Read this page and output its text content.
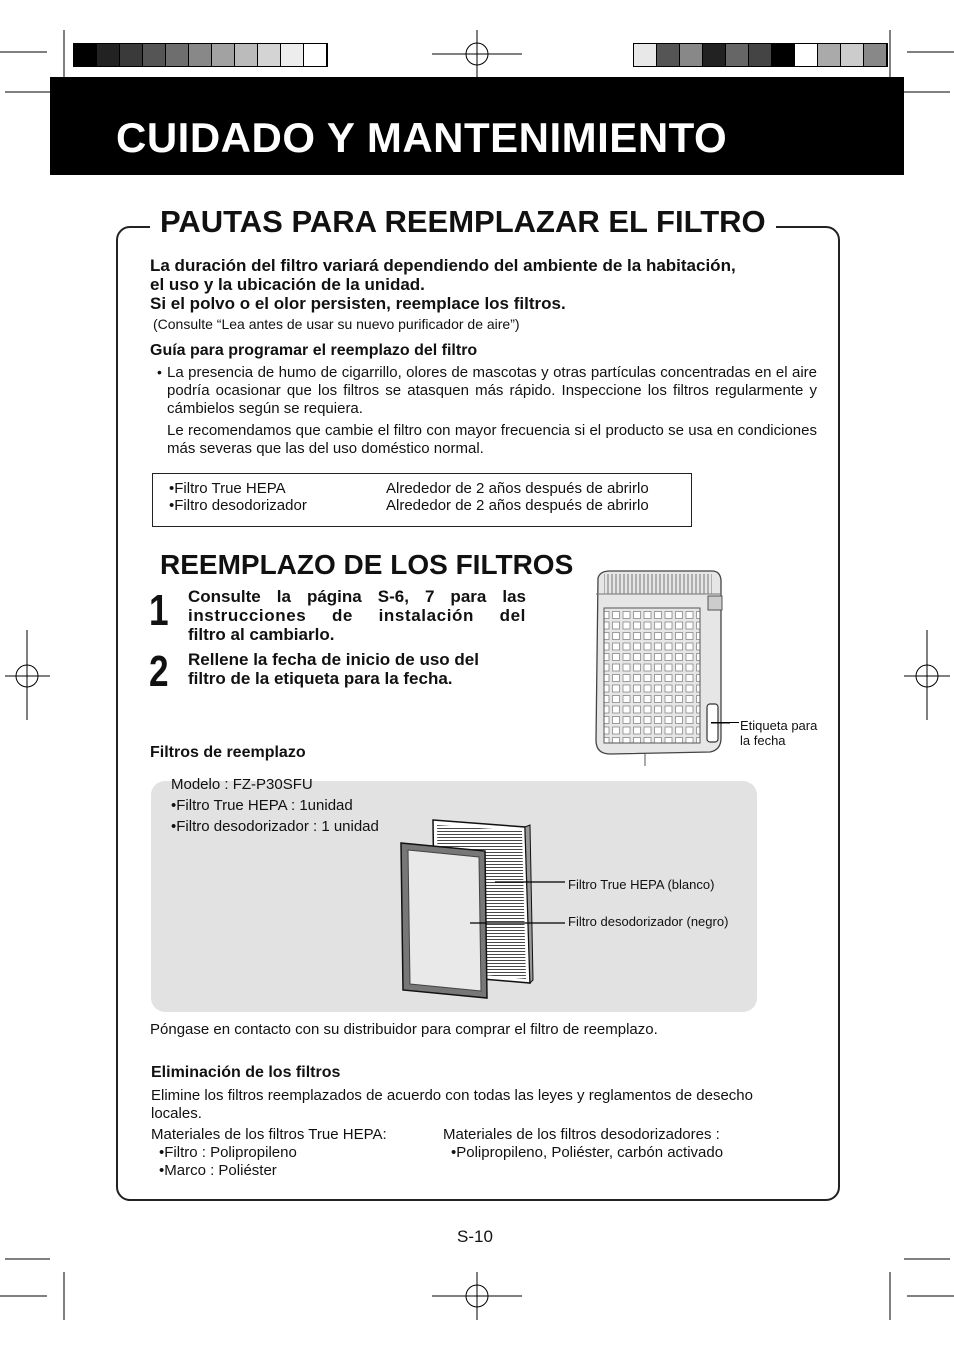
CUIDADO Y MANTENIMIENTO
PAUTAS PARA REEMPLAZAR EL FILTRO
La duración del filtro variará dependiendo del ambiente de la habitación,
el uso y la ubicación de la unidad.
Si el polvo o el olor persisten, reemplace los filtros.
(Consulte “Lea antes de usar su nuevo purificador de aire”)
Guía para programar el reemplazo del filtro
• La presencia de humo de cigarrillo, olores de mascotas y otras partículas concentradas en el aire podría ocasionar que los filtros se atasquen más rápido. Inspeccione los filtros regularmente y cámbielos según se requiera.
Le recomendamos que cambie el filtro con mayor frecuencia si el producto se usa en condiciones más severas que las del uso doméstico normal.
•Filtro True HEPA	Alrededor de 2 años después de abrirlo
•Filtro desodorizador	Alrededor de 2 años después de abrirlo
REEMPLAZO DE LOS FILTROS
1 Consulte la página S-6, 7 para las
instrucciones de instalación del
filtro al cambiarlo.
2 Rellene la fecha de inicio de uso del
filtro de la etiqueta para la fecha.
Etiqueta para
la fecha
Filtros de reemplazo
Modelo : FZ-P30SFU
•Filtro True HEPA : 1unidad
•Filtro desodorizador : 1 unidad
Filtro True HEPA (blanco)
Filtro desodorizador (negro)
Póngase en contacto con su distribuidor para comprar el filtro de reemplazo.
Eliminación de los filtros
Elimine los filtros reemplazados de acuerdo con todas las leyes y reglamentos de desecho
locales.
Materiales de los filtros True HEPA:
•Filtro : Polipropileno
•Marco : Poliéster
Materiales de los filtros desodorizadores :
•Polipropileno, Poliéster, carbón activado
S-10
